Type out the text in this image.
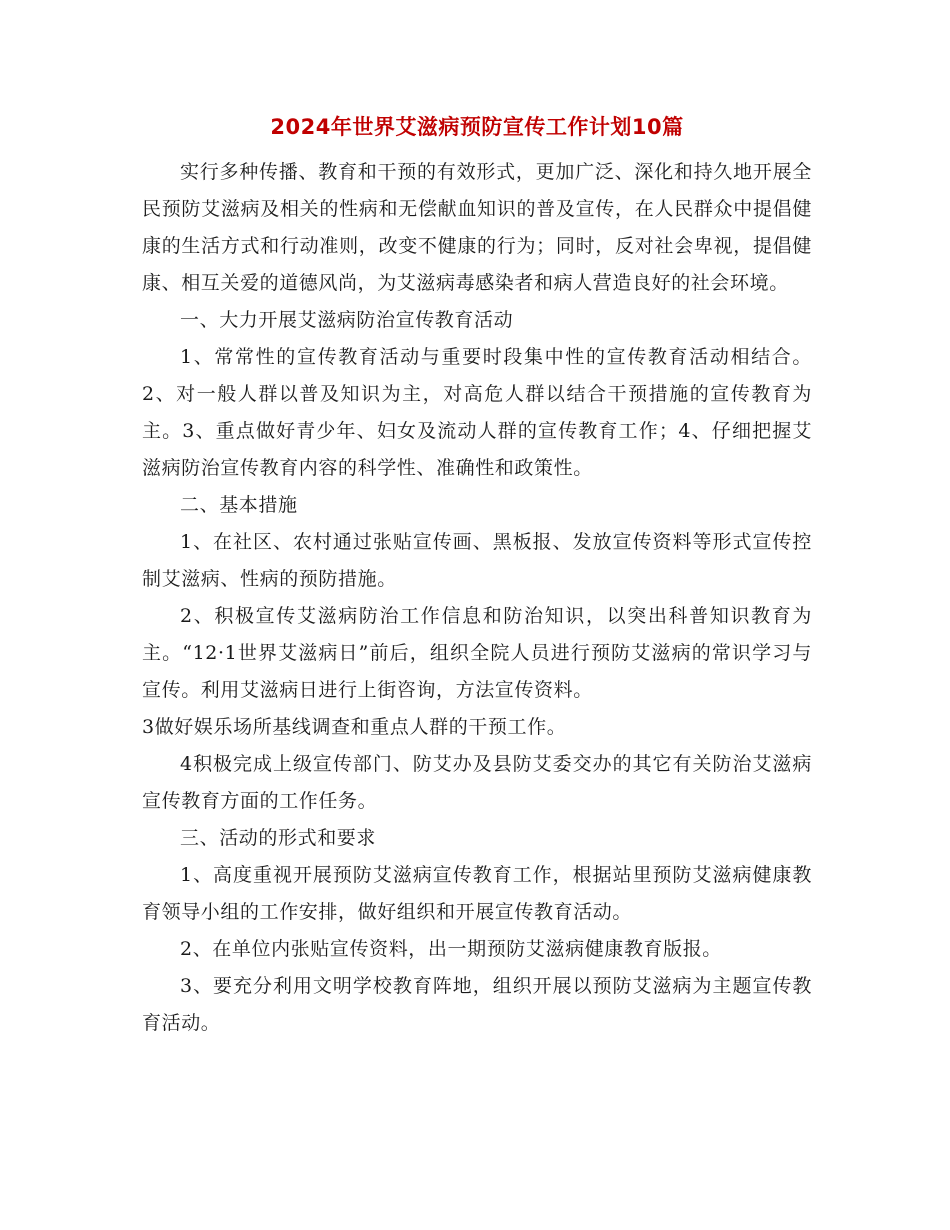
2024年世界艾滋病预防宣传工作计划10篇

实行多种传播、教育和干预的有效形式，更加广泛、深化和持久地开展全民预防艾滋病及相关的性病和无偿献血知识的普及宣传，在人民群众中提倡健康的生活方式和行动准则，改变不健康的行为；同时，反对社会卑视，提倡健康、相互关爱的道德风尚，为艾滋病毒感染者和病人营造良好的社会环境。

一、大力开展艾滋病防治宣传教育活动

1、常常性的宣传教育活动与重要时段集中性的宣传教育活动相结合。2、对一般人群以普及知识为主，对高危人群以结合干预措施的宣传教育为主。3、重点做好青少年、妇女及流动人群的宣传教育工作；4、仔细把握艾滋病防治宣传教育内容的科学性、准确性和政策性。

二、基本措施

1、在社区、农村通过张贴宣传画、黑板报、发放宣传资料等形式宣传控制艾滋病、性病的预防措施。

2、积极宣传艾滋病防治工作信息和防治知识，以突出科普知识教育为主。“12·1世界艾滋病日”前后，组织全院人员进行预防艾滋病的常识学习与宣传。利用艾滋病日进行上街咨询，方法宣传资料。

3做好娱乐场所基线调查和重点人群的干预工作。

4积极完成上级宣传部门、防艾办及县防艾委交办的其它有关防治艾滋病宣传教育方面的工作任务。

三、活动的形式和要求

1、高度重视开展预防艾滋病宣传教育工作，根据站里预防艾滋病健康教育领导小组的工作安排，做好组织和开展宣传教育活动。

2、在单位内张贴宣传资料，出一期预防艾滋病健康教育版报。

3、要充分利用文明学校教育阵地，组织开展以预防艾滋病为主题宣传教育活动。
